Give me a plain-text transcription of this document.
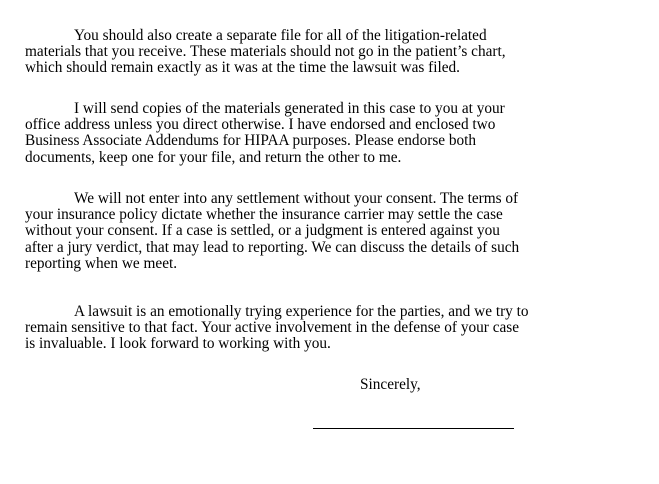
You should also create a separate file for all of the litigation-related
materials that you receive. These materials should not go in the patient’s chart,
which should remain exactly as it was at the time the lawsuit was filed.

I will send copies of the materials generated in this case to you at your
office address unless you direct otherwise. I have endorsed and enclosed two
Business Associate Addendums for HIPAA purposes. Please endorse both
documents, keep one for your file, and return the other to me.

We will not enter into any settlement without your consent. The terms of
your insurance policy dictate whether the insurance carrier may settle the case
without your consent. If a case is settled, or a judgment is entered against you
after a jury verdict, that may lead to reporting. We can discuss the details of such
reporting when we meet.

A lawsuit is an emotionally trying experience for the parties, and we try to
remain sensitive to that fact. Your active involvement in the defense of your case
is invaluable. I look forward to working with you.

Sincerely,
